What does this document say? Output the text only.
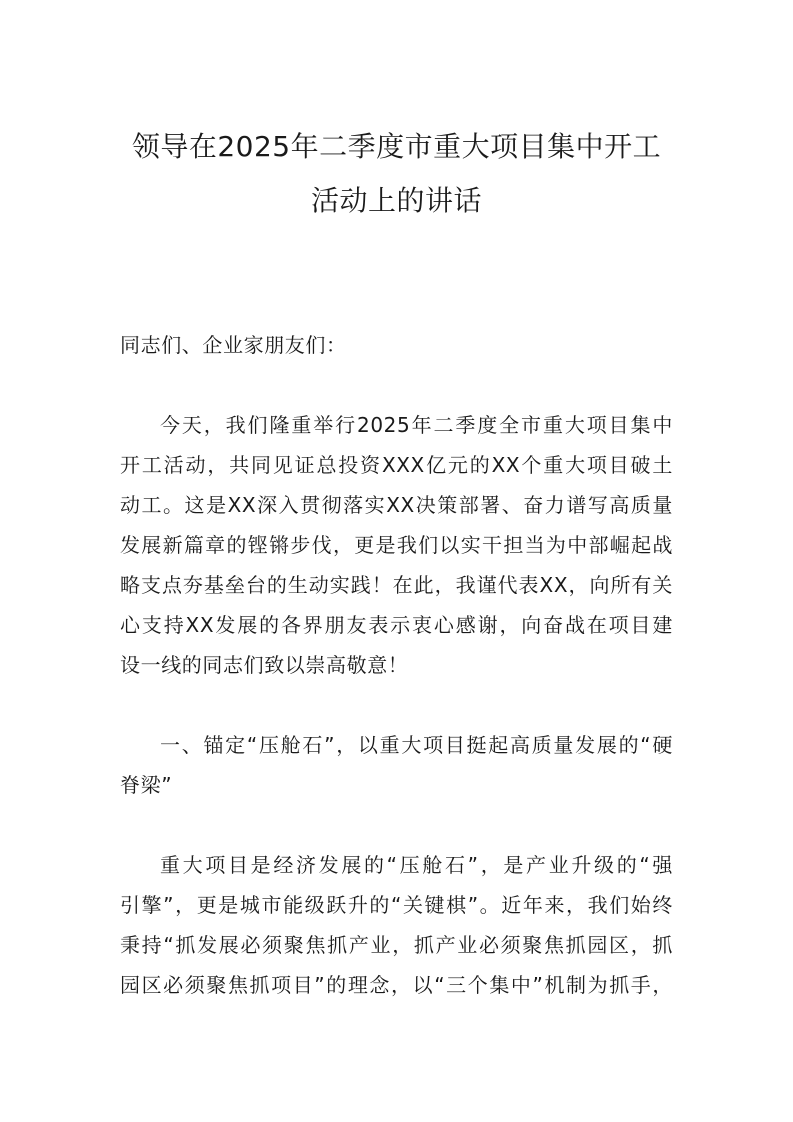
领导在2025年二季度市重大项目集中开工
活动上的讲话
同志们、企业家朋友们：
今天，我们隆重举行2025年二季度全市重大项目集中
开工活动，共同见证总投资XXX亿元的XX个重大项目破土
动工。这是XX深入贯彻落实XX决策部署、奋力谱写高质量
发展新篇章的铿锵步伐，更是我们以实干担当为中部崛起战
略支点夯基垒台的生动实践！在此，我谨代表XX，向所有关
心支持XX发展的各界朋友表示衷心感谢，向奋战在项目建
设一线的同志们致以崇高敬意！
一、锚定“压舱石”，以重大项目挺起高质量发展的“硬
脊梁”
重大项目是经济发展的“压舱石”，是产业升级的“强
引擎”，更是城市能级跃升的“关键棋”。近年来，我们始终
秉持“抓发展必须聚焦抓产业，抓产业必须聚焦抓园区，抓
园区必须聚焦抓项目”的理念，以“三个集中”机制为抓手，
